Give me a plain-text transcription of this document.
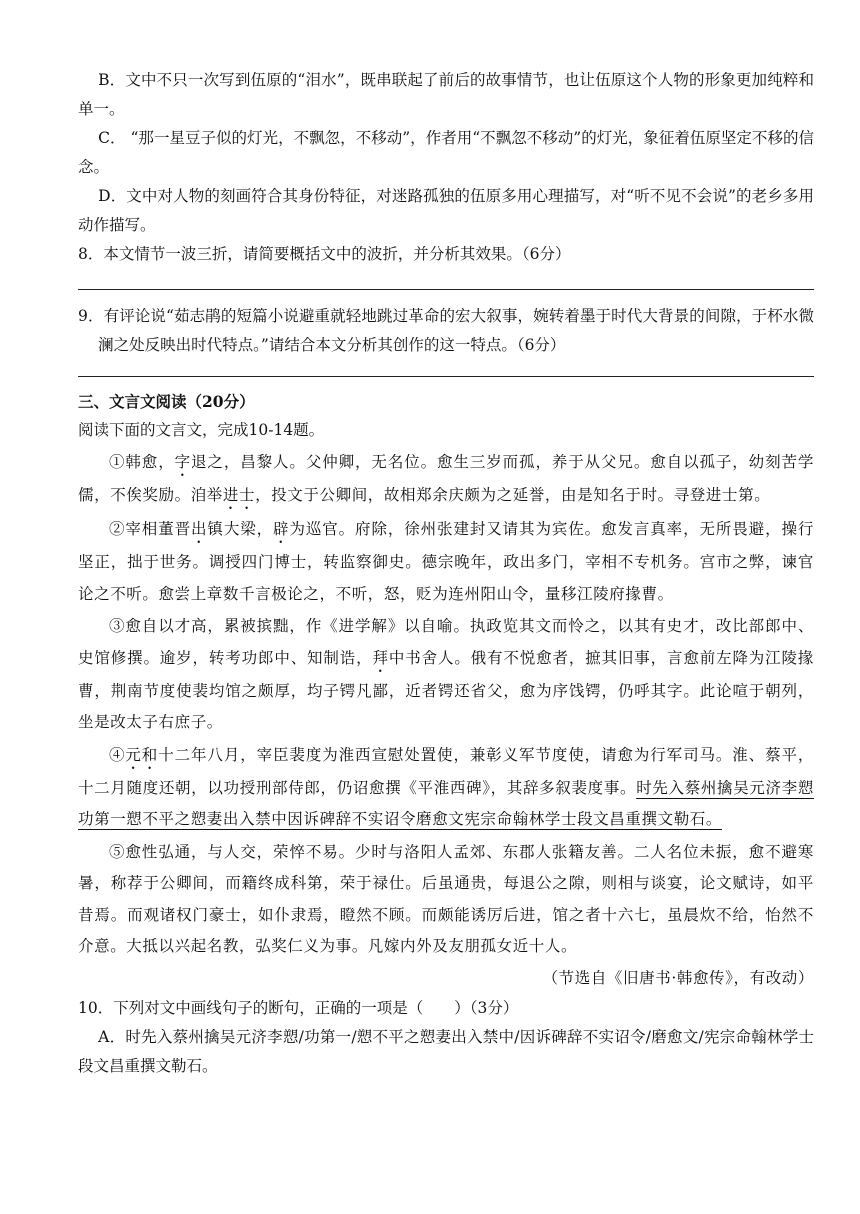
B．文中不只一次写到伍原的“泪水”，既串联起了前后的故事情节，也让伍原这个人物的形象更加纯粹和单一。

C． “那一星豆子似的灯光，不飘忽，不移动”，作者用“不飘忽不移动”的灯光，象征着伍原坚定不移的信念。

D．文中对人物的刻画符合其身份特征，对迷路孤独的伍原多用心理描写，对“听不见不会说”的老乡多用动作描写。

8．本文情节一波三折，请简要概括文中的波折，并分析其效果。（6分）

9．有评论说“茹志鹃的短篇小说避重就轻地跳过革命的宏大叙事，婉转着墨于时代大背景的间隙，于杯水微澜之处反映出时代特点。”请结合本文分析其创作的这一特点。（6分）

三、文言文阅读（20分）

阅读下面的文言文，完成10-14题。

①韩愈，字退之，昌黎人。父仲卿，无名位。愈生三岁而孤，养于从父兄。愈自以孤子，幼刻苦学儒，不俟奖励。洎举进士，投文于公卿间，故相郑余庆颇为之延誉，由是知名于时。寻登进士第。

②宰相董晋出镇大梁，辟为巡官。府除，徐州张建封又请其为宾佐。愈发言真率，无所畏避，操行坚正，拙于世务。调授四门博士，转监察御史。德宗晚年，政出多门，宰相不专机务。宫市之弊，谏官论之不听。愈尝上章数千言极论之，不听，怒，贬为连州阳山令，量移江陵府掾曹。

③愈自以才高，累被摈黜，作《进学解》以自喻。执政览其文而怜之，以其有史才，改比部郎中、史馆修撰。逾岁，转考功郎中、知制诰，拜中书舍人。俄有不悦愈者，摭其旧事，言愈前左降为江陵掾曹，荆南节度使裴均馆之颇厚，均子锷凡鄙，近者锷还省父，愈为序饯锷，仍呼其字。此论喧于朝列，坐是改太子右庶子。

④元和十二年八月，宰臣裴度为淮西宣慰处置使，兼彰义军节度使，请愈为行军司马。淮、蔡平，十二月随度还朝，以功授刑部侍郎，仍诏愈撰《平淮西碑》，其辞多叙裴度事。时先入蔡州擒吴元济李愬功第一愬不平之愬妻出入禁中因诉碑辞不实诏令磨愈文宪宗命翰林学士段文昌重撰文勒石。

⑤愈性弘通，与人交，荣悴不易。少时与洛阳人孟郊、东郡人张籍友善。二人名位未振，愈不避寒暑，称荐于公卿间，而籍终成科第，荣于禄仕。后虽通贵，每退公之隙，则相与谈宴，论文赋诗，如平昔焉。而观诸权门豪士，如仆隶焉，瞪然不顾。而颇能诱厉后进，馆之者十六七，虽晨炊不给，怡然不介意。大抵以兴起名教，弘奖仁义为事。凡嫁内外及友朋孤女近十人。

（节选自《旧唐书·韩愈传》，有改动）

10．下列对文中画线句子的断句，正确的一项是（　　）（3分）

A．时先入蔡州擒吴元济李愬/功第一/愬不平之愬妻出入禁中/因诉碑辞不实诏令/磨愈文/宪宗命翰林学士段文昌重撰文勒石。
